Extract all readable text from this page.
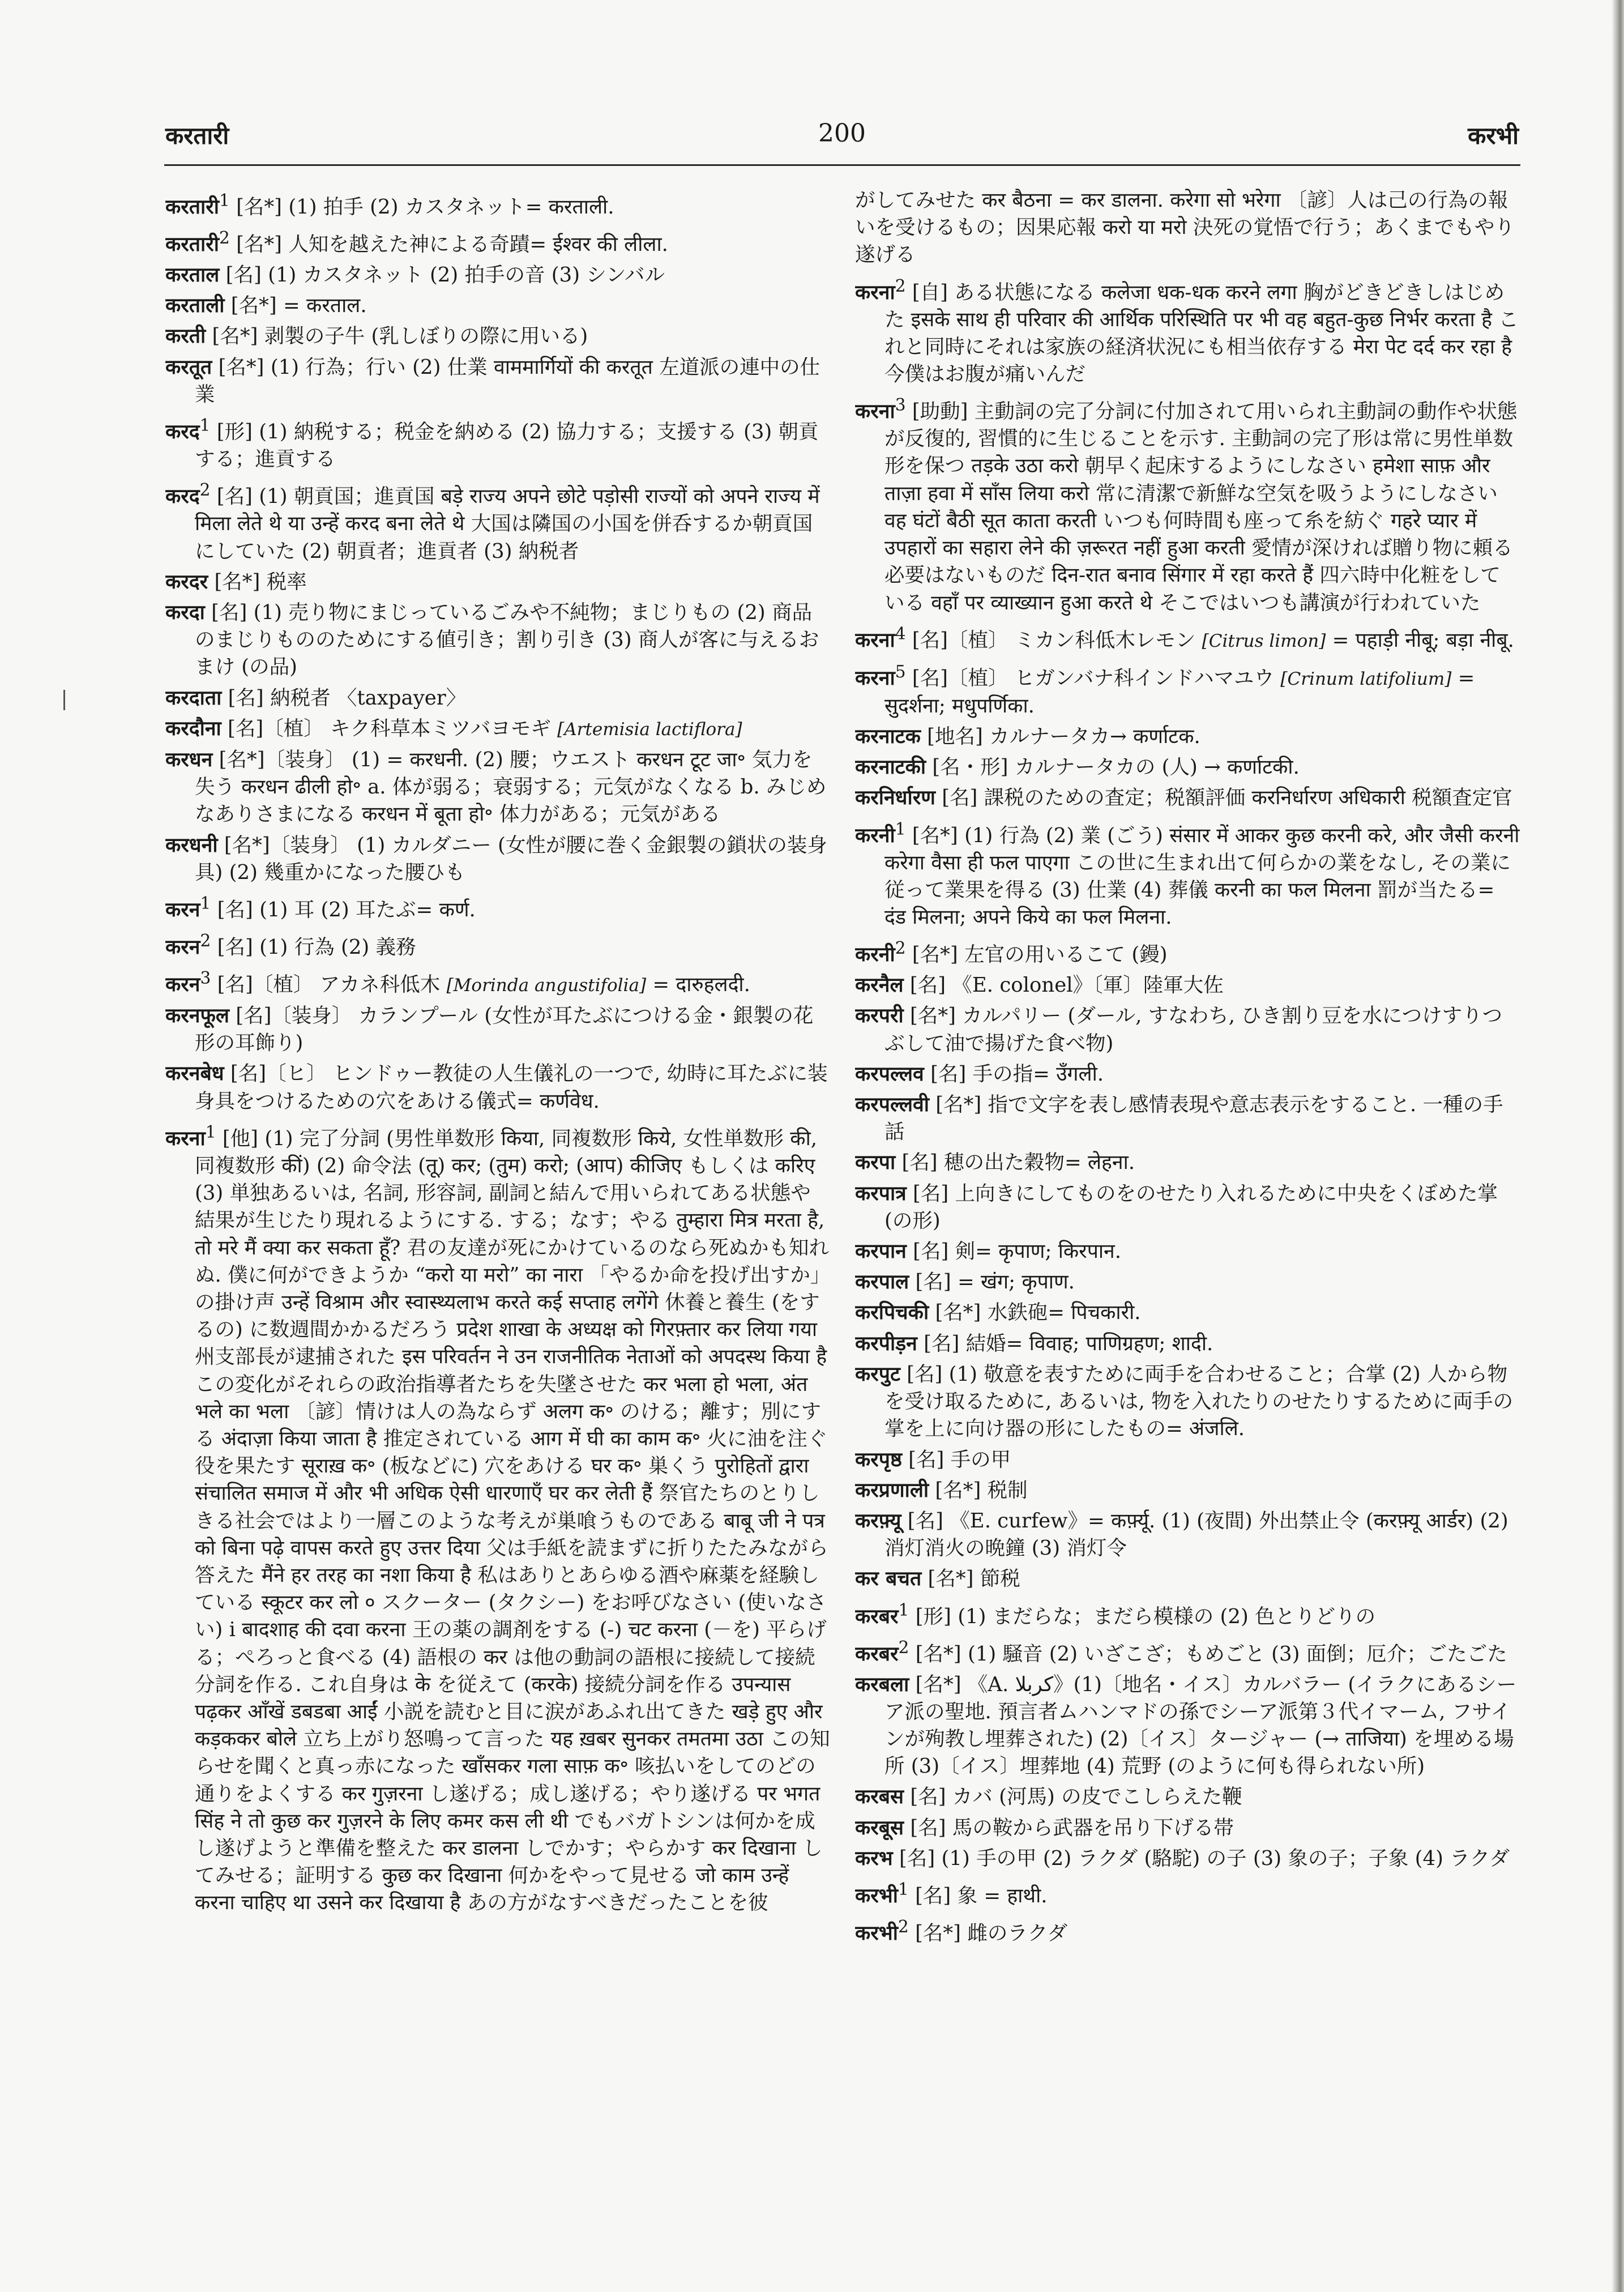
करतारी	200	करभी

करतारी$^1$ [名*] (1) 拍手 (2) カスタネット= करताली.

करतारी$^2$ [名*] 人知を越えた神による奇蹟= ईश्वर की लीला.

करताल [名] (1) カスタネット (2) 拍手の音 (3) シンバル

करताली [名*] = करताल.

करती [名*] 剥製の子牛 (乳しぼりの際に用いる)

करतूत [名*] (1) 行為；行い (2) 仕業 वाममार्गियों की करतूत 左道派の連中の仕業

करद$^1$ [形] (1) 納税する；税金を納める (2) 協力する；支援する (3) 朝貢する；進貢する

करद$^2$ [名] (1) 朝貢国；進貢国 बड़े राज्य अपने छोटे पड़ोसी राज्यों को अपने राज्य में मिला लेते थे या उन्हें करद बना लेते थे 大国は隣国の小国を併呑するか朝貢国にしていた (2) 朝貢者；進貢者 (3) 納税者

करदर [名*] 税率

करदा [名] (1) 売り物にまじっているごみや不純物；まじりもの (2) 商品のまじりもののためにする値引き；割り引き (3) 商人が客に与えるおまけ (の品)

करदाता [名] 納税者 〈taxpayer〉

करदौना [名]〔植〕 キク科草本ミツバヨモギ [Artemisia lactiflora]

करधन [名*]〔装身〕 (1) = करधनी. (2) 腰；ウエスト करधन टूट जा॰ 気力を失う करधन ढीली हो॰ a. 体が弱る；衰弱する；元気がなくなる b. みじめなありさまになる करधन में बूता हो॰ 体力がある；元気がある

करधनी [名*]〔装身〕 (1) カルダニー (女性が腰に巻く金銀製の鎖状の装身具) (2) 幾重かになった腰ひも

करन$^1$ [名] (1) 耳 (2) 耳たぶ= कर्ण.

करन$^2$ [名] (1) 行為 (2) 義務

करन$^3$ [名]〔植〕 アカネ科低木 [Morinda angustifolia] = दारुहलदी.

करनफूल [名]〔装身〕 カランプール (女性が耳たぶにつける金・銀製の花形の耳飾り)

करनबेध [名]〔ヒ〕 ヒンドゥー教徒の人生儀礼の一つで, 幼時に耳たぶに装身具をつけるための穴をあける儀式= कर्णवेध.

करना$^1$ [他] (1) 完了分詞 (男性単数形 किया, 同複数形 किये, 女性単数形 की, 同複数形 कीं) (2) 命令法 (तू) कर; (तुम) करो; (आप) कीजिए もしくは करिए (3) 単独あるいは, 名詞, 形容詞, 副詞と結んで用いられてある状態や結果が生じたり現れるようにする. する；なす；やる तुम्हारा मित्र मरता है, तो मरे मैं क्या कर सकता हूँ? 君の友達が死にかけているのなら死ぬかも知れぬ. 僕に何ができようか “करो या मरो” का नारा 「やるか命を投げ出すか」の掛け声 उन्हें विश्राम और स्वास्थ्यलाभ करते कई सप्ताह लगेंगे 休養と養生 (をするの) に数週間かかるだろう प्रदेश शाखा के अध्यक्ष को गिरफ़्तार कर लिया गया 州支部長が逮捕された इस परिवर्तन ने उन राजनीतिक नेताओं को अपदस्थ किया है この変化がそれらの政治指導者たちを失墜させた कर भला हो भला, अंत भले का भला 〔諺〕情けは人の為ならず अलग क॰ のける；離す；別にする अंदाज़ा किया जाता है 推定されている आग में घी का काम क॰ 火に油を注ぐ役を果たす सूराख़ क॰ (板などに) 穴をあける घर क॰ 巣くう पुरोहितों द्वारा संचालित समाज में और भी अधिक ऐसी धारणाएँ घर कर लेती हैं 祭官たちのとりしきる社会ではより一層このような考えが巣喰うものである बाबू जी ने पत्र को बिना पढ़े वापस करते हुए उत्तर दिया 父は手紙を読まずに折りたたみながら答えた मैंने हर तरह का नशा किया है 私はありとあらゆる酒や麻薬を経験している स्कूटर कर लो ० スクーター (タクシー) をお呼びなさい (使いなさい) ⅰ बादशाह की दवा करना 王の薬の調剤をする (-) चट करना (－を) 平らげる；ぺろっと食べる (4) 語根の कर は他の動詞の語根に接続して接続分詞を作る. これ自身は के を従えて (करके) 接続分詞を作る उपन्यास पढ़कर आँखें डबडबा आईं 小説を読むと目に涙があふれ出てきた खड़े हुए और कड़ककर बोले 立ち上がり怒鳴って言った यह ख़बर सुनकर तमतमा उठा この知らせを聞くと真っ赤になった खाँसकर गला साफ़ क॰ 咳払いをしてのどの通りをよくする कर गुज़रना し遂げる；成し遂げる；やり遂げる पर भगत सिंह ने तो कुछ कर गुज़रने के लिए कमर कस ली थी でもバガトシンは何かを成し遂げようと準備を整えた कर डालना しでかす；やらかす कर दिखाना してみせる；証明する कुछ कर दिखाना 何かをやって見せる जो काम उन्हें करना चाहिए था उसने कर दिखाया है あの方がなすべきだったことを彼

がしてみせた कर बैठना = कर डालना. करेगा सो भरेगा 〔諺〕人は己の行為の報いを受けるもの；因果応報 करो या मरो 決死の覚悟で行う；あくまでもやり遂げる

करना$^2$ [自] ある状態になる कलेजा धक-धक करने लगा 胸がどきどきしはじめた इसके साथ ही परिवार की आर्थिक परिस्थिति पर भी वह बहुत-कुछ निर्भर करता है これと同時にそれは家族の経済状況にも相当依存する मेरा पेट दर्द कर रहा है 今僕はお腹が痛いんだ

करना$^3$ [助動] 主動詞の完了分詞に付加されて用いられ主動詞の動作や状態が反復的, 習慣的に生じることを示す. 主動詞の完了形は常に男性単数形を保つ तड़के उठा करो 朝早く起床するようにしなさい हमेशा साफ़ और ताज़ा हवा में साँस लिया करो 常に清潔で新鮮な空気を吸うようにしなさい वह घंटों बैठी सूत काता करती いつも何時間も座って糸を紡ぐ गहरे प्यार में उपहारों का सहारा लेने की ज़रूरत नहीं हुआ करती 愛情が深ければ贈り物に頼る必要はないものだ दिन-रात बनाव सिंगार में रहा करते हैं 四六時中化粧をしている वहाँ पर व्याख्यान हुआ करते थे そこではいつも講演が行われていた

करना$^4$ [名]〔植〕 ミカン科低木レモン [Citrus limon] = पहाड़ी नीबू; बड़ा नीबू.

करना$^5$ [名]〔植〕 ヒガンバナ科インドハマユウ [Crinum latifolium] = सुदर्शना; मधुपर्णिका.

करनाटक [地名] カルナータカ→ कर्णाटक.

करनाटकी [名・形] カルナータカの (人) → कर्णाटकी.

करनिर्धारण [名] 課税のための査定；税額評価 करनिर्धारण अधिकारी 税額査定官

करनी$^1$ [名*] (1) 行為 (2) 業 (ごう) संसार में आकर कुछ करनी करे, और जैसी करनी करेगा वैसा ही फल पाएगा この世に生まれ出て何らかの業をなし, その業に従って業果を得る (3) 仕業 (4) 葬儀 करनी का फल मिलना 罰が当たる= दंड मिलना; अपने किये का फल मिलना.

करनी$^2$ [名*] 左官の用いるこて (鏝)

करनैल [名] 《E. colonel》〔軍〕陸軍大佐

करपरी [名*] カルパリー (ダール, すなわち, ひき割り豆を水につけすりつぶして油で揚げた食べ物)

करपल्लव [名] 手の指= उँगली.

करपल्लवी [名*] 指で文字を表し感情表現や意志表示をすること. 一種の手話

करपा [名] 穂の出た穀物= लेहना.

करपात्र [名] 上向きにしてものをのせたり入れるために中央をくぼめた掌 (の形)

करपान [名] 剣= कृपाण; किरपान.

करपाल [名] = खंग; कृपाण.

करपिचकी [名*] 水鉄砲= पिचकारी.

करपीड़न [名] 結婚= विवाह; पाणिग्रहण; शादी.

करपुट [名] (1) 敬意を表すために両手を合わせること；合掌 (2) 人から物を受け取るために, あるいは, 物を入れたりのせたりするために両手の掌を上に向け器の形にしたもの= अंजलि.

करपृष्ठ [名] 手の甲

करप्रणाली [名*] 税制

करफ़्यू [名] 《E. curfew》= कर्फ़्यू. (1) (夜間) 外出禁止令 (करफ़्यू आर्डर) (2) 消灯消火の晩鐘 (3) 消灯令

कर बचत [名*] 節税

करबर$^1$ [形] (1) まだらな；まだら模様の (2) 色とりどりの

करबर$^2$ [名*] (1) 騒音 (2) いざこざ；もめごと (3) 面倒；厄介；ごたごた

करबला [名*] 《A. کربلا》(1)〔地名・イス〕カルバラー (イラクにあるシーア派の聖地. 預言者ムハンマドの孫でシーア派第３代イマーム, フサインが殉教し埋葬された) (2)〔イス〕タージャー (→ ताजिया) を埋める場所 (3)〔イス〕埋葬地 (4) 荒野 (のように何も得られない所)

करबस [名] カバ (河馬) の皮でこしらえた鞭

करबूस [名] 馬の鞍から武器を吊り下げる帯

करभ [名] (1) 手の甲 (2) ラクダ (駱駝) の子 (3) 象の子；子象 (4) ラクダ

करभी$^1$ [名] 象 = हाथी.

करभी$^2$ [名*] 雌のラクダ
